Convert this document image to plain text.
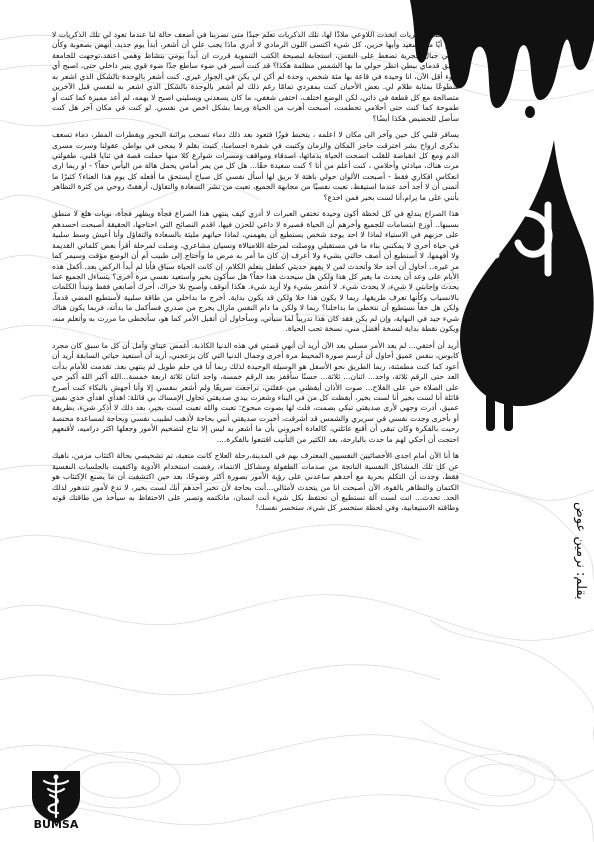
شظية!!
بقلم: نرمين عوض

دوي انفجار ذكريات اتخذت اللاوعي ملاذًا لها، تلك الذكريات تعلم جيدًا متى تضربنا في أضعف حالة لنا عندما تعود لي تلك الذكريات لا أعلم أيًا منها سعيد وأيها حزين، كل شيء اكتسى اللون الرمادي لا أدري ماذا يجب علي أن أشعر، أبدأ يوم جديد، أنهض بصعوبة وكأن فوقي جبال حجرية تضغط على النفس، استجابة لنصيحة الكتب التنموية قررت ان أبدأ يومي بنشاط وهمي اعتقد،توجهت للجامعة اسبق قدماي بيطن انظر حولي ما بها الشمس مظلمة هكذا؟ قد كنت أسير في ضوء ساطع جدًا ضوء قوي ينير داخلي حتى، اصبح أي ضوء أقل الآن، انا وحيدة في قاعة بها مئة شخص، وحدة لم أكن لي يكن في الجوار غيري. كنت أشعر بالوحدة بالشكل الذي اشعر به سطوعًا بمثابة ظلام لي. بعض الأحيان كنت بمفردي تمامًا رغم ذلك لم أشعر بالوحدة بالشكل الذي اشعر به لنفسي قبل الآخرين متصالحة مع كل قطعة في ذاتي، لكن الوضع اختلف، اختفى شغفي، ما كان يسعدني ويسليني اصبح لا يهمه، لم أعد مميزة كما كنت أو طموحة كما كنت حتى أحلامي تحطمت، أصبحت أهرب من الحياة وربما بشكل اخص من نفسي. لو كنت في مكان آخر هل كنت سأصل للحضيض هكذا أيضًا؟

يسافر قلبي كل حين وآخر الى مكان لا اعلمه ، يتخبط فوزًا فتعود بعد ذلك دماء تسحب براثنة البحور ويقطرات المطر، دماء تسعف بذكرى ارواح بشر اخترقت حاجز المكان والزمان وكتبت في شفرة اجسامنا، كتبت بقلم لا يمحى في بواطن عقولنا وسرت مسرى الدم ومع كل انقباضة للقلب اتضحت الحياة بدمائها، اصدقاء ومواقف ومسرات شوارع كلا منها حملت قصة في ثنايا قلبي، طفولتي مرت هناك، مبادئي وأحلامي ، كنت أعلم من أنا ؟ كنت سعيدة حقًا... هل كل من يمر أمامي يحمل هالة من اليأس حقاً؟ - او ربما ارى انعكاس افكاري فقط - أصبحت الألوان حولي باهتة لا بريق لها أسأل نفسي كل صباح أيستحق ما أفعله كل يوم هذا العناء؟ كثيرًا ما أتمنى أن لا أجد أحد عندما استيقظ، تعبت نفسيًا من مجابهة الجميع، تعبت من نشر السعادة والتفاؤل، أرهقتْ روحي من كثرة التظاهر بأنني على ما يرام،أنا لست بخير فمن اخدع؟

هذا الصراع يندلع في كل لحظة أكون وحيدة تختفي العبرات لا أدري كيف ينتهي هذا الصراع فجأة ويظهر فجأة، نوبات هلع لا منطق بسببها.. أوزع ابتسامات للجميع وأخرهم أن الحياة قصيرة لا داعي للحزن فيها، اقدم النصائح التي احتاجها، الحقيقة أصبحت احسدهم على حزنهم في الاستياء لماذا لا احد يوجد شخص يستطيع أن يفهمني، لماذا حياتهم مليئة بالسعادة والتفاؤل وأنا أعيش وسط سلبية في حياة أخرى لا يمكنني بناء ما في مستقبلي ووصلت لمرحلة اللامبالاة ونسيان مشاعري، وصلت لمرحلة أقرأ بعض كلماتي القديمة ولا أفهمها، لا أستطيع أن أصف حالتي بشيء ولا أعرف إن كان ما أمر به مرض ما وأحتاج إلى طبيب أم أن الوضع مؤقت وسيمر كما مر غيره.. أحاول أن أجد حلا وأتحدث لمن لا يفهم حديثي كطفل يتعلم الكلام، إن كانت الحياة سباق فأنا لم أبدأ الركض بعد. أكمل هذه الأيام على وعد أن يحدث ما يغير كل هذا ولكن هل سيحدث هذا حقاً؟ هل سأكون بخير وأستعيد نفسي مرة أخرى؟ يتساءل الجميع عما يحدث وإجابتي لا شيء، لا يحدث شيء. لا أشعر بشيء ولا أريد شيء. هكذا أتوقف وأصبح بلا حراك، أحرك أصابعي فقط وتبدأ الكلمات بالانسياب وكأنها تعرف طريقها، ربما لا يكون هذا حلا ولكن قد يكون بداية. أخرج ما بداخلي من طاقة سلبية لأستطيع المضي قدماً، ولكن هل حقاً نستطيع أن نتخطى ما بداخلنا؟ ربما لا ولكن ما دام النفس مازال يخرج من صدري فسأكمل ما بدأته، فربما يكون هناك شيء جيد في النهاية، وإن لم يكن فقد كان هذا تدريباً لما سيأتي، وسأحاول أن أتقبل الأمر كما هو، سأتخطى ما مررت به وأتعلم منه، ويكون نقطة بداية لنسخة أفضل مني، نسخة تحب الحياة.

أريد أن أختفي... لم يعد الأمر مسلي بعد الآن أريد أن أنهي قصتي في هذه الدنيا الكاذبة. أغمض عيناي وآمل أن كل ما سبق كان مجرد كابوس، بنفس عميق أحاول أن أرسم صورة المحيط مرة أخرى وجمال الدنيا التي كان يزعجني، أريد أن أستعيد حياتي السابقة أريد أن أعود كما كنت مطمئنة، ربما الطريق نحو الأسفل هو الوسيلة الوحيدة لذلك ربما أنا في حلم طويل لم ينتهي بعد. تقدمت للأمام بدأت العد حتى الرقم ثلاثة، واحد... اثنان... ثلاثة... حسنًا سأقفز بعد الرقم خمسة، واحد اثنان ثلاثة اربعة خمسة...الله أكبر الله أكبر حي على الصلاة حي على الفلاح... صوت الأذان أيقظني من غفلتي، تراجعت سريعًا ولم أشعر بنفسي إلا وأنا أجهش بالبكاء كنت أصرخ قائلة أنا لست بخير أنا لست بخير، أيقظت كل من في البناء وشعرت بيدي صديقتي تحاول الإمساك بي قائلة: اهدأي اهدأي خذي نفس عميق، أدرت وجهي لأرى صديقتي تبكي بصمت، فلت لها بصوت مبحوح: تعبت والله تعبت لست بخير، بعد ذلك لا أذكر شيء، بطريقة أو بأخرى وجدت نفسي في سريري والشمس قد أشرقت، أخبرت صديقتي أنني بحاجة لأذهب لطبيب نفسي وبحاجة لمساعدة مختصة رحبت بالفكرة وكان تبقى أن أقنع عائلتي، كالعادة أخبروني بأن ما أشعر به ليس إلا نتاج لتضخيم الأمور وجعلها اكثر دراميه، لأقنعهم احتجت أن أحكي لهم ما حدث بالبارحة، بعد الكثير من التأنيب اقتنعوا بالفكرة....

ها أنا الآن أمام احدى الأخصائيين النفسيين المعترف بهم في المدينة،رحلة العلاج كانت متعبة، تم تشخيصي بحالة اكتئاب مزمن، ناهيك عن كل تلك المشاكل النفسية الناتجة من صدمات الطفولة ومشاكل الانتماء، رفضت استخدام الأدوية واكتفيت بالجلسات النفسية فقط، وجدت أن التكلم بحرية مع أحدهم ساعدني على رؤية الأمور بصورة أكثر وضوحًا، بعد حين اكتشفت أن ما يصنع الإكتئاب هو الكتمان والتظاهر بالقوة، الآن أصبحت انا من يتحدث لأمثالي...أنت بحاجة لأن تخبر أحدهم أنك لست بخير، لا تدع لأمور تتدهور لذلك الحد. تحدث... انت لست آلة تستطيع أن تحتفظ بكل شيء أنت انسان، ماتكتمه وتصبر على الاحتفاظ به سيأخذ من طاقتك قوته وطاقته الاستيعابية، وفي لحظة ستخسر كل شيء، ستخسر نفسك!

BUMSA
